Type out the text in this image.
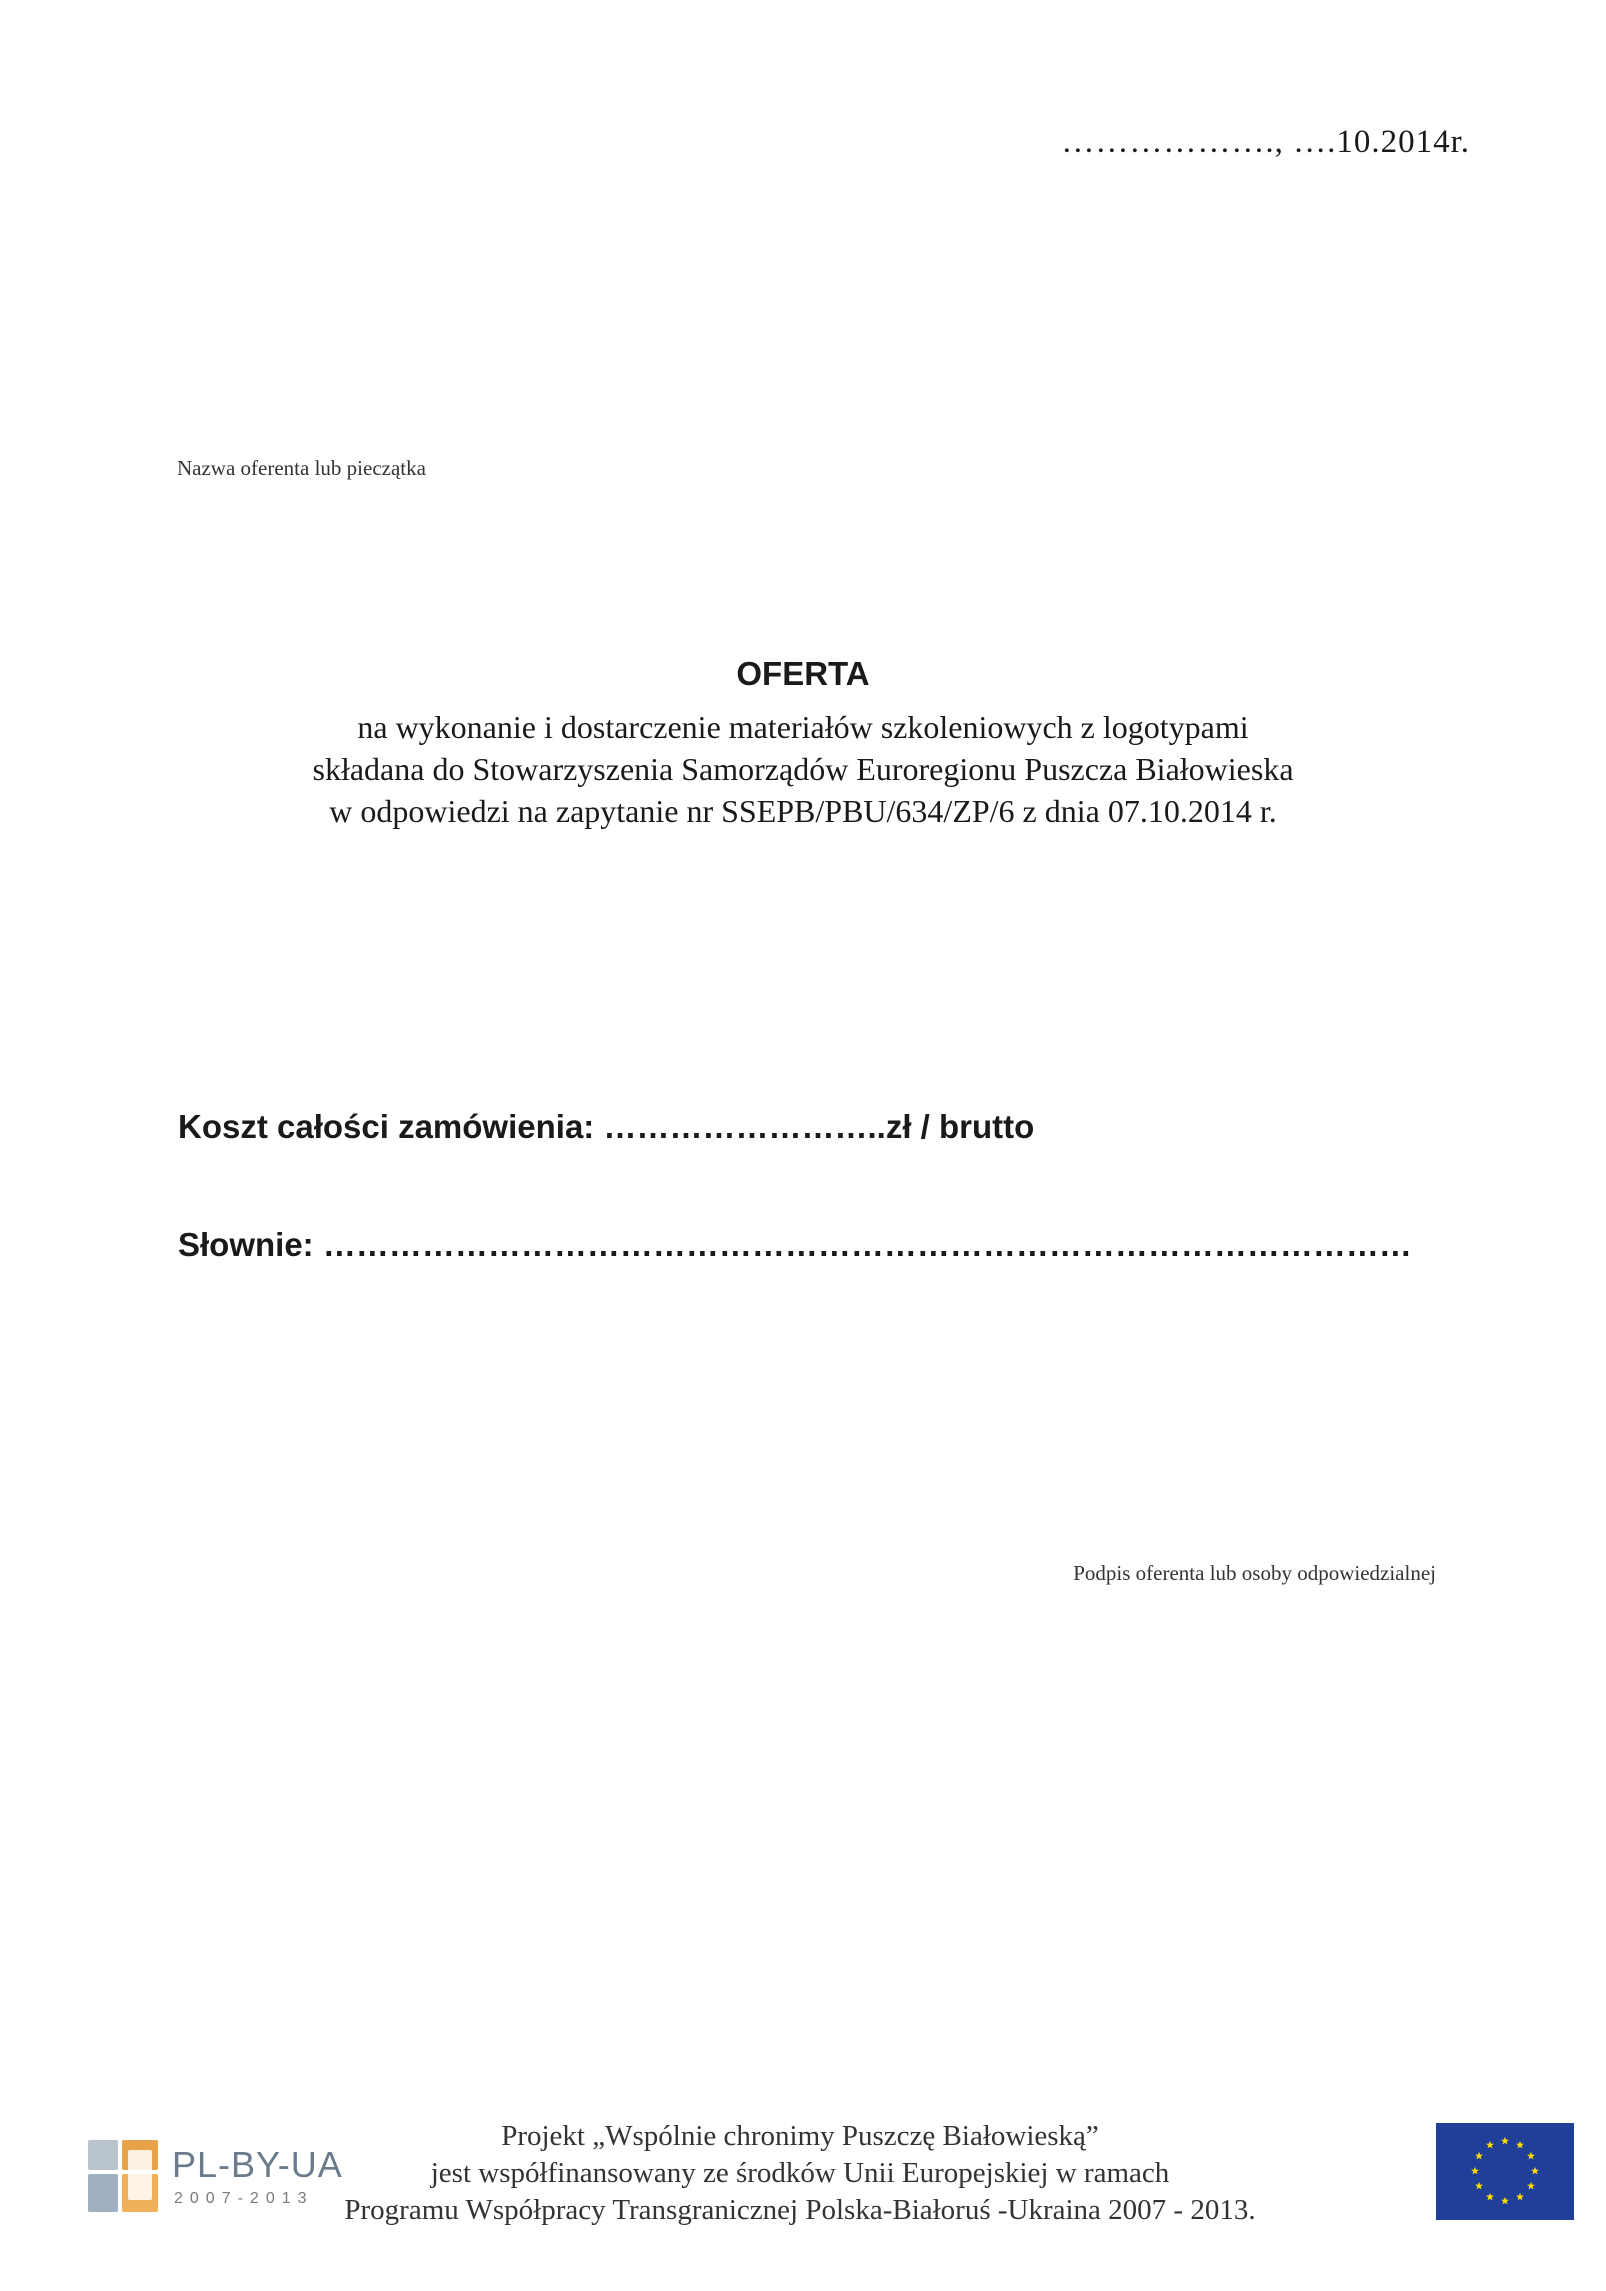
………………., ….10.2014r.
Nazwa oferenta lub pieczątka
OFERTA
na wykonanie i dostarczenie materiałów szkoleniowych z logotypami
składana do Stowarzyszenia Samorządów Euroregionu Puszcza Białowieska
w odpowiedzi na zapytanie nr SSEPB/PBU/634/ZP/6 z dnia 07.10.2014 r.
Koszt całości zamówienia: ……………………..zł / brutto
Słownie: ………………………………………………………………………………………
Podpis oferenta lub osoby odpowiedzialnej
PL-BY-UA
2007-2013
Projekt „Wspólnie chronimy Puszczę Białowieską”
jest współfinansowany ze środków Unii Europejskiej w ramach
Programu Współpracy Transgranicznej Polska-Białoruś -Ukraina 2007 - 2013.
